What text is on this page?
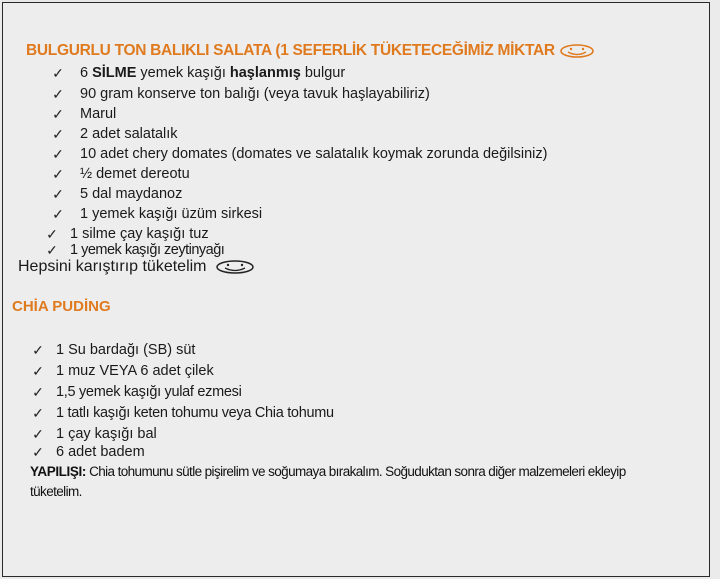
BULGURLU TON BALIKLI SALATA (1 SEFERLİK TÜKETECEĞİMİZ MİKTAR
✓ 6 SİLME yemek kaşığı haşlanmış bulgur
✓ 90 gram konserve ton balığı (veya tavuk haşlayabiliriz)
✓ Marul
✓ 2 adet salatalık
✓ 10 adet chery domates (domates ve salatalık koymak zorunda değilsiniz)
✓ ½ demet dereotu
✓ 5 dal maydanoz
✓ 1 yemek kaşığı üzüm sirkesi
✓ 1 silme çay kaşığı tuz
✓ 1 yemek kaşığı zeytinyağı
Hepsini karıştırıp tüketelim
CHİA PUDİNG
✓ 1 Su bardağı (SB) süt
✓ 1 muz VEYA 6 adet çilek
✓ 1,5 yemek kaşığı yulaf ezmesi
✓ 1 tatlı kaşığı keten tohumu veya Chia tohumu
✓ 1 çay kaşığı bal
✓ 6 adet badem
YAPILIŞI: Chia tohumunu sütle pişirelim ve soğumaya bırakalım. Soğuduktan sonra diğer malzemeleri ekleyip tüketelim.
